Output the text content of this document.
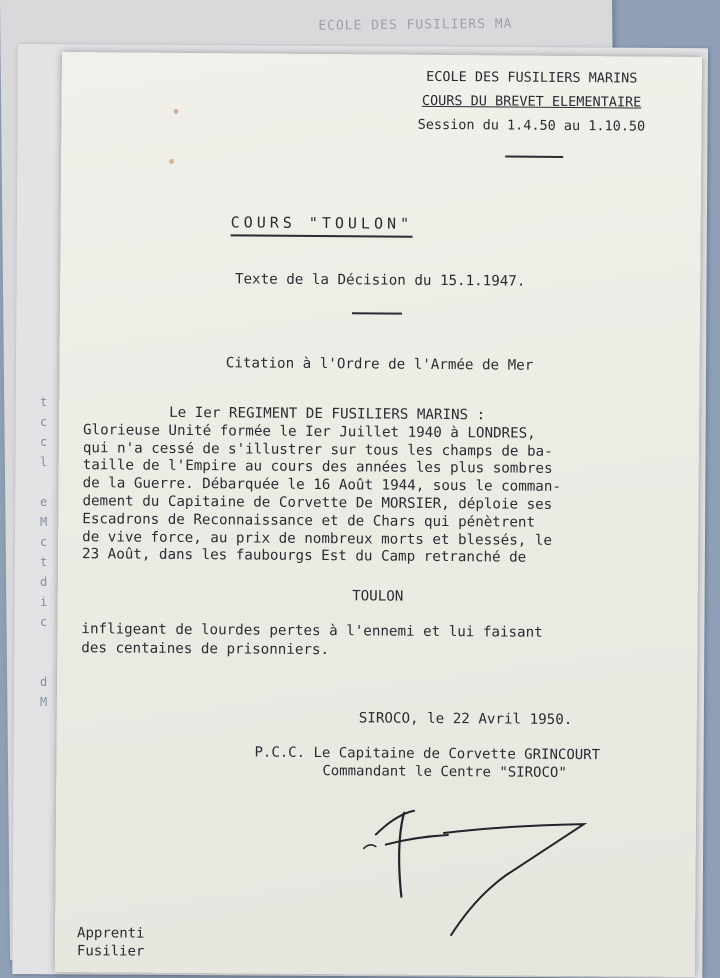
ECOLE DES FUSILIERS MA
t
c
c
l
e
M
c
t
d
i
c
d
M
ECOLE DES FUSILIERS MARINS
COURS DU BREVET ELEMENTAIRE
Session du 1.4.50 au 1.10.50
COURS "TOULON"
Texte de la Décision du 15.1.1947.
Citation à l'Ordre de l'Armée de Mer
Le Ier REGIMENT DE FUSILIERS MARINS :
Glorieuse Unité formée le Ier Juillet 1940 à LONDRES,
qui n'a cessé de s'illustrer sur tous les champs de ba-
taille de l'Empire au cours des années les plus sombres
de la Guerre. Débarquée le 16 Août 1944, sous le comman-
dement du Capitaine de Corvette De MORSIER, déploie ses
Escadrons de Reconnaissance et de Chars qui pénètrent
de vive force, au prix de nombreux morts et blessés, le
23 Août, dans les faubourgs Est du Camp retranché de
TOULON
infligeant de lourdes pertes à l'ennemi et lui faisant
des centaines de prisonniers.
SIROCO, le 22 Avril 1950.
P.C.C. Le Capitaine de Corvette GRINCOURT
Commandant le Centre "SIROCO"
Apprenti
Fusilier
